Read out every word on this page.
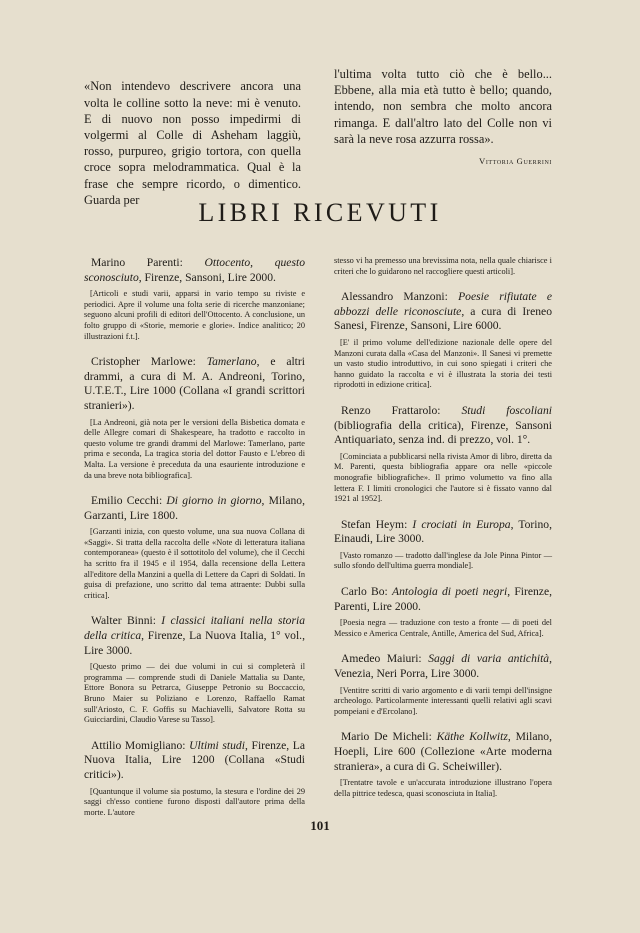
«Non intendevo descrivere ancora una volta le colline sotto la neve: mi è venuto. E di nuovo non posso impedirmi di volgermi al Colle di Asheham laggiù, rosso, purpureo, grigio tortora, con quella croce sopra melodrammatica. Qual è la frase che sempre ricordo, o dimentico. Guarda per

l'ultima volta tutto ciò che è bello... Ebbene, alla mia età tutto è bello; quando, intendo, non sembra che molto ancora rimanga. E dall'altro lato del Colle non vi sarà la neve rosa azzurra rossa».
Vittoria Guerrini
LIBRI RICEVUTI

Marino Parenti: Ottocento, questo sconosciuto, Firenze, Sansoni, Lire 2000.

[Articoli e studi varii, apparsi in vario tempo su riviste e periodici. Apre il volume una folta serie di ricerche manzoniane; seguono alcuni profili di editori dell'Ottocento. A conclusione, un folto gruppo di «Storie, memorie e glorie». Indice analitico; 20 illustrazioni f.t.].

Cristopher Marlowe: Tamerlano, e altri drammi, a cura di M. A. Andreoni, Torino, U.T.E.T., Lire 1000 (Collana «I grandi scrittori stranieri»).

[La Andreoni, già nota per le versioni della Bisbetica domata e delle Allegre comari di Shakespeare, ha tradotto e raccolto in questo volume tre grandi drammi del Marlowe: Tamerlano, parte prima e seconda, La tragica storia del dottor Fausto e L'ebreo di Malta. La versione è preceduta da una esauriente introduzione e da una breve nota bibliografica].

Emilio Cecchi: Di giorno in giorno, Milano, Garzanti, Lire 1800.

[Garzanti inizia, con questo volume, una sua nuova Collana di «Saggi». Si tratta della raccolta delle «Note di letteratura italiana contemporanea» (questo è il sottotitolo del volume), che il Cecchi ha scritto fra il 1945 e il 1954, dalla recensione della Lettera all'editore della Manzini a quella di Lettere da Capri di Soldati. In guisa di prefazione, uno scritto dal tema attraente: Dubbi sulla critica].

Walter Binni: I classici italiani nella storia della critica, Firenze, La Nuova Italia, 1° vol., Lire 3000.

[Questo primo — dei due volumi in cui si completerà il programma — comprende studi di Daniele Mattalia su Dante, Ettore Bonora su Petrarca, Giuseppe Petronio su Boccaccio, Bruno Maier su Poliziano e Lorenzo, Raffaello Ramat sull'Ariosto, C. F. Goffis su Machiavelli, Salvatore Rotta su Guicciardini, Claudio Varese su Tasso].

Attilio Momigliano: Ultimi studi, Firenze, La Nuova Italia, Lire 1200 (Collana «Studi critici»).

[Quantunque il volume sia postumo, la stesura e l'ordine dei 29 saggi ch'esso contiene furono disposti dall'autore prima della morte. L'autore

stesso vi ha premesso una brevissima nota, nella quale chiarisce i criteri che lo guidarono nel raccogliere questi articoli].

Alessandro Manzoni: Poesie rifiutate e abbozzi delle riconosciute, a cura di Ireneo Sanesi, Firenze, Sansoni, Lire 6000.

[E' il primo volume dell'edizione nazionale delle opere del Manzoni curata dalla «Casa del Manzoni». Il Sanesi vi premette un vasto studio introduttivo, in cui sono spiegati i criteri che hanno guidato la raccolta e vi è illustrata la storia dei testi riprodotti in edizione critica].

Renzo Frattarolo: Studi foscoliani (bibliografia della critica), Firenze, Sansoni Antiquariato, senza ind. di prezzo, vol. 1°.

[Cominciata a pubblicarsi nella rivista Amor di libro, diretta da M. Parenti, questa bibliografia appare ora nelle «piccole monografie bibliografiche». Il primo volumetto va fino alla lettera F. I limiti cronologici che l'autore si è fissato vanno dal 1921 al 1952].

Stefan Heym: I crociati in Europa, Torino, Einaudi, Lire 3000.

[Vasto romanzo — tradotto dall'inglese da Jole Pinna Pintor — sullo sfondo dell'ultima guerra mondiale].

Carlo Bo: Antologia di poeti negri, Firenze, Parenti, Lire 2000.

[Poesia negra — traduzione con testo a fronte — di poeti del Messico e America Centrale, Antille, America del Sud, Africa].

Amedeo Maiuri: Saggi di varia antichità, Venezia, Neri Porra, Lire 3000.

[Ventitre scritti di vario argomento e di varii tempi dell'insigne archeologo. Particolarmente interessanti quelli relativi agli scavi pompeiani e d'Ercolano].

Mario De Micheli: Käthe Kollwitz, Milano, Hoepli, Lire 600 (Collezione «Arte moderna straniera», a cura di G. Scheiwiller).

[Trentatre tavole e un'accurata introduzione illustrano l'opera della pittrice tedesca, quasi sconosciuta in Italia].

101
